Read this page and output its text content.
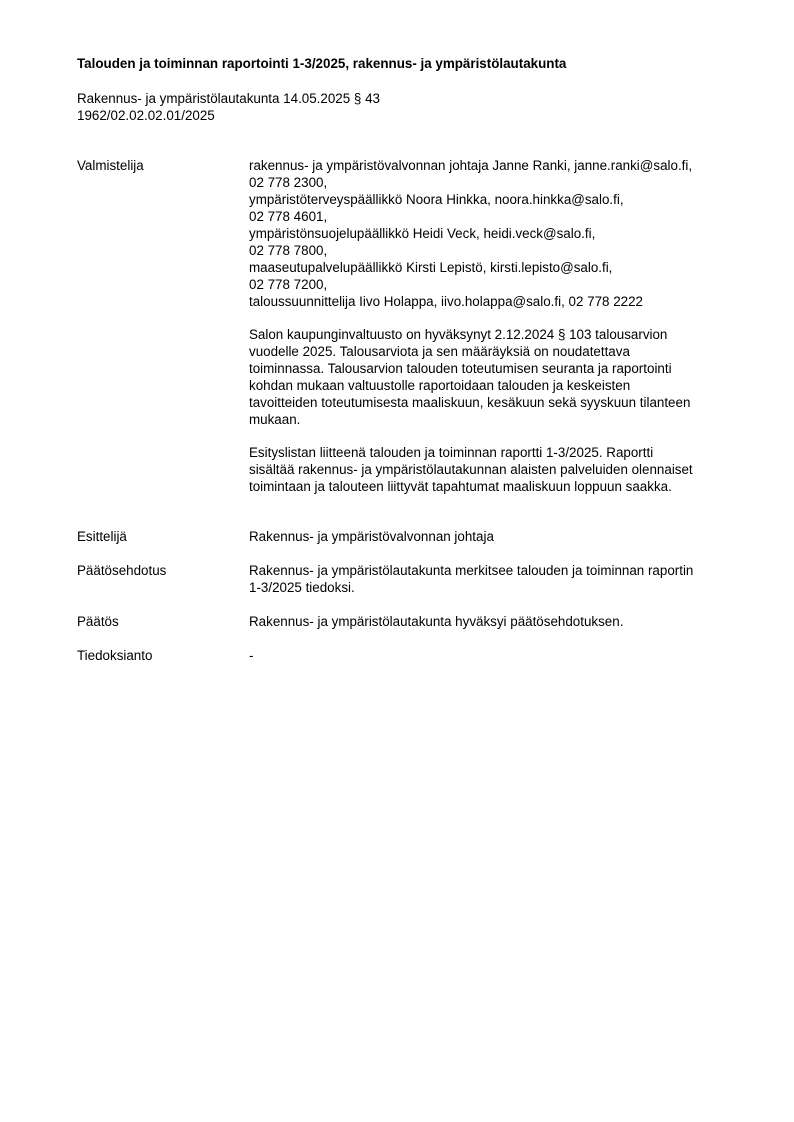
Talouden ja toiminnan raportointi 1-3/2025, rakennus- ja ympäristölautakunta
Rakennus- ja ympäristölautakunta 14.05.2025 § 43
1962/02.02.02.01/2025
Valmistelija	rakennus- ja ympäristövalvonnan johtaja Janne Ranki, janne.ranki@salo.fi,
02 778 2300,
ympäristöterveyspäällikkö Noora Hinkka, noora.hinkka@salo.fi,
02 778 4601,
ympäristönsuojelupäällikkö Heidi Veck, heidi.veck@salo.fi,
02 778 7800,
maaseutupalvelupäällikkö Kirsti Lepistö, kirsti.lepisto@salo.fi,
02 778 7200,
taloussuunnittelija Iivo Holappa, iivo.holappa@salo.fi, 02 778 2222
Salon kaupunginvaltuusto on hyväksynyt 2.12.2024 § 103 talousarvion
vuodelle 2025. Talousarviota ja sen määräyksiä on noudatettava
toiminnassa. Talousarvion talouden toteutumisen seuranta ja raportointi
kohdan mukaan valtuustolle raportoidaan talouden ja keskeisten
tavoitteiden toteutumisesta maaliskuun, kesäkuun sekä syyskuun tilanteen
mukaan.
Esityslistan liitteenä talouden ja toiminnan raportti 1-3/2025. Raportti
sisältää rakennus- ja ympäristölautakunnan alaisten palveluiden olennaiset
toimintaan ja talouteen liittyvät tapahtumat maaliskuun loppuun saakka.
Esittelijä	Rakennus- ja ympäristövalvonnan johtaja
Päätösehdotus	Rakennus- ja ympäristölautakunta merkitsee talouden ja toiminnan raportin
1-3/2025 tiedoksi.
Päätös	Rakennus- ja ympäristölautakunta hyväksyi päätösehdotuksen.
Tiedoksianto	-
